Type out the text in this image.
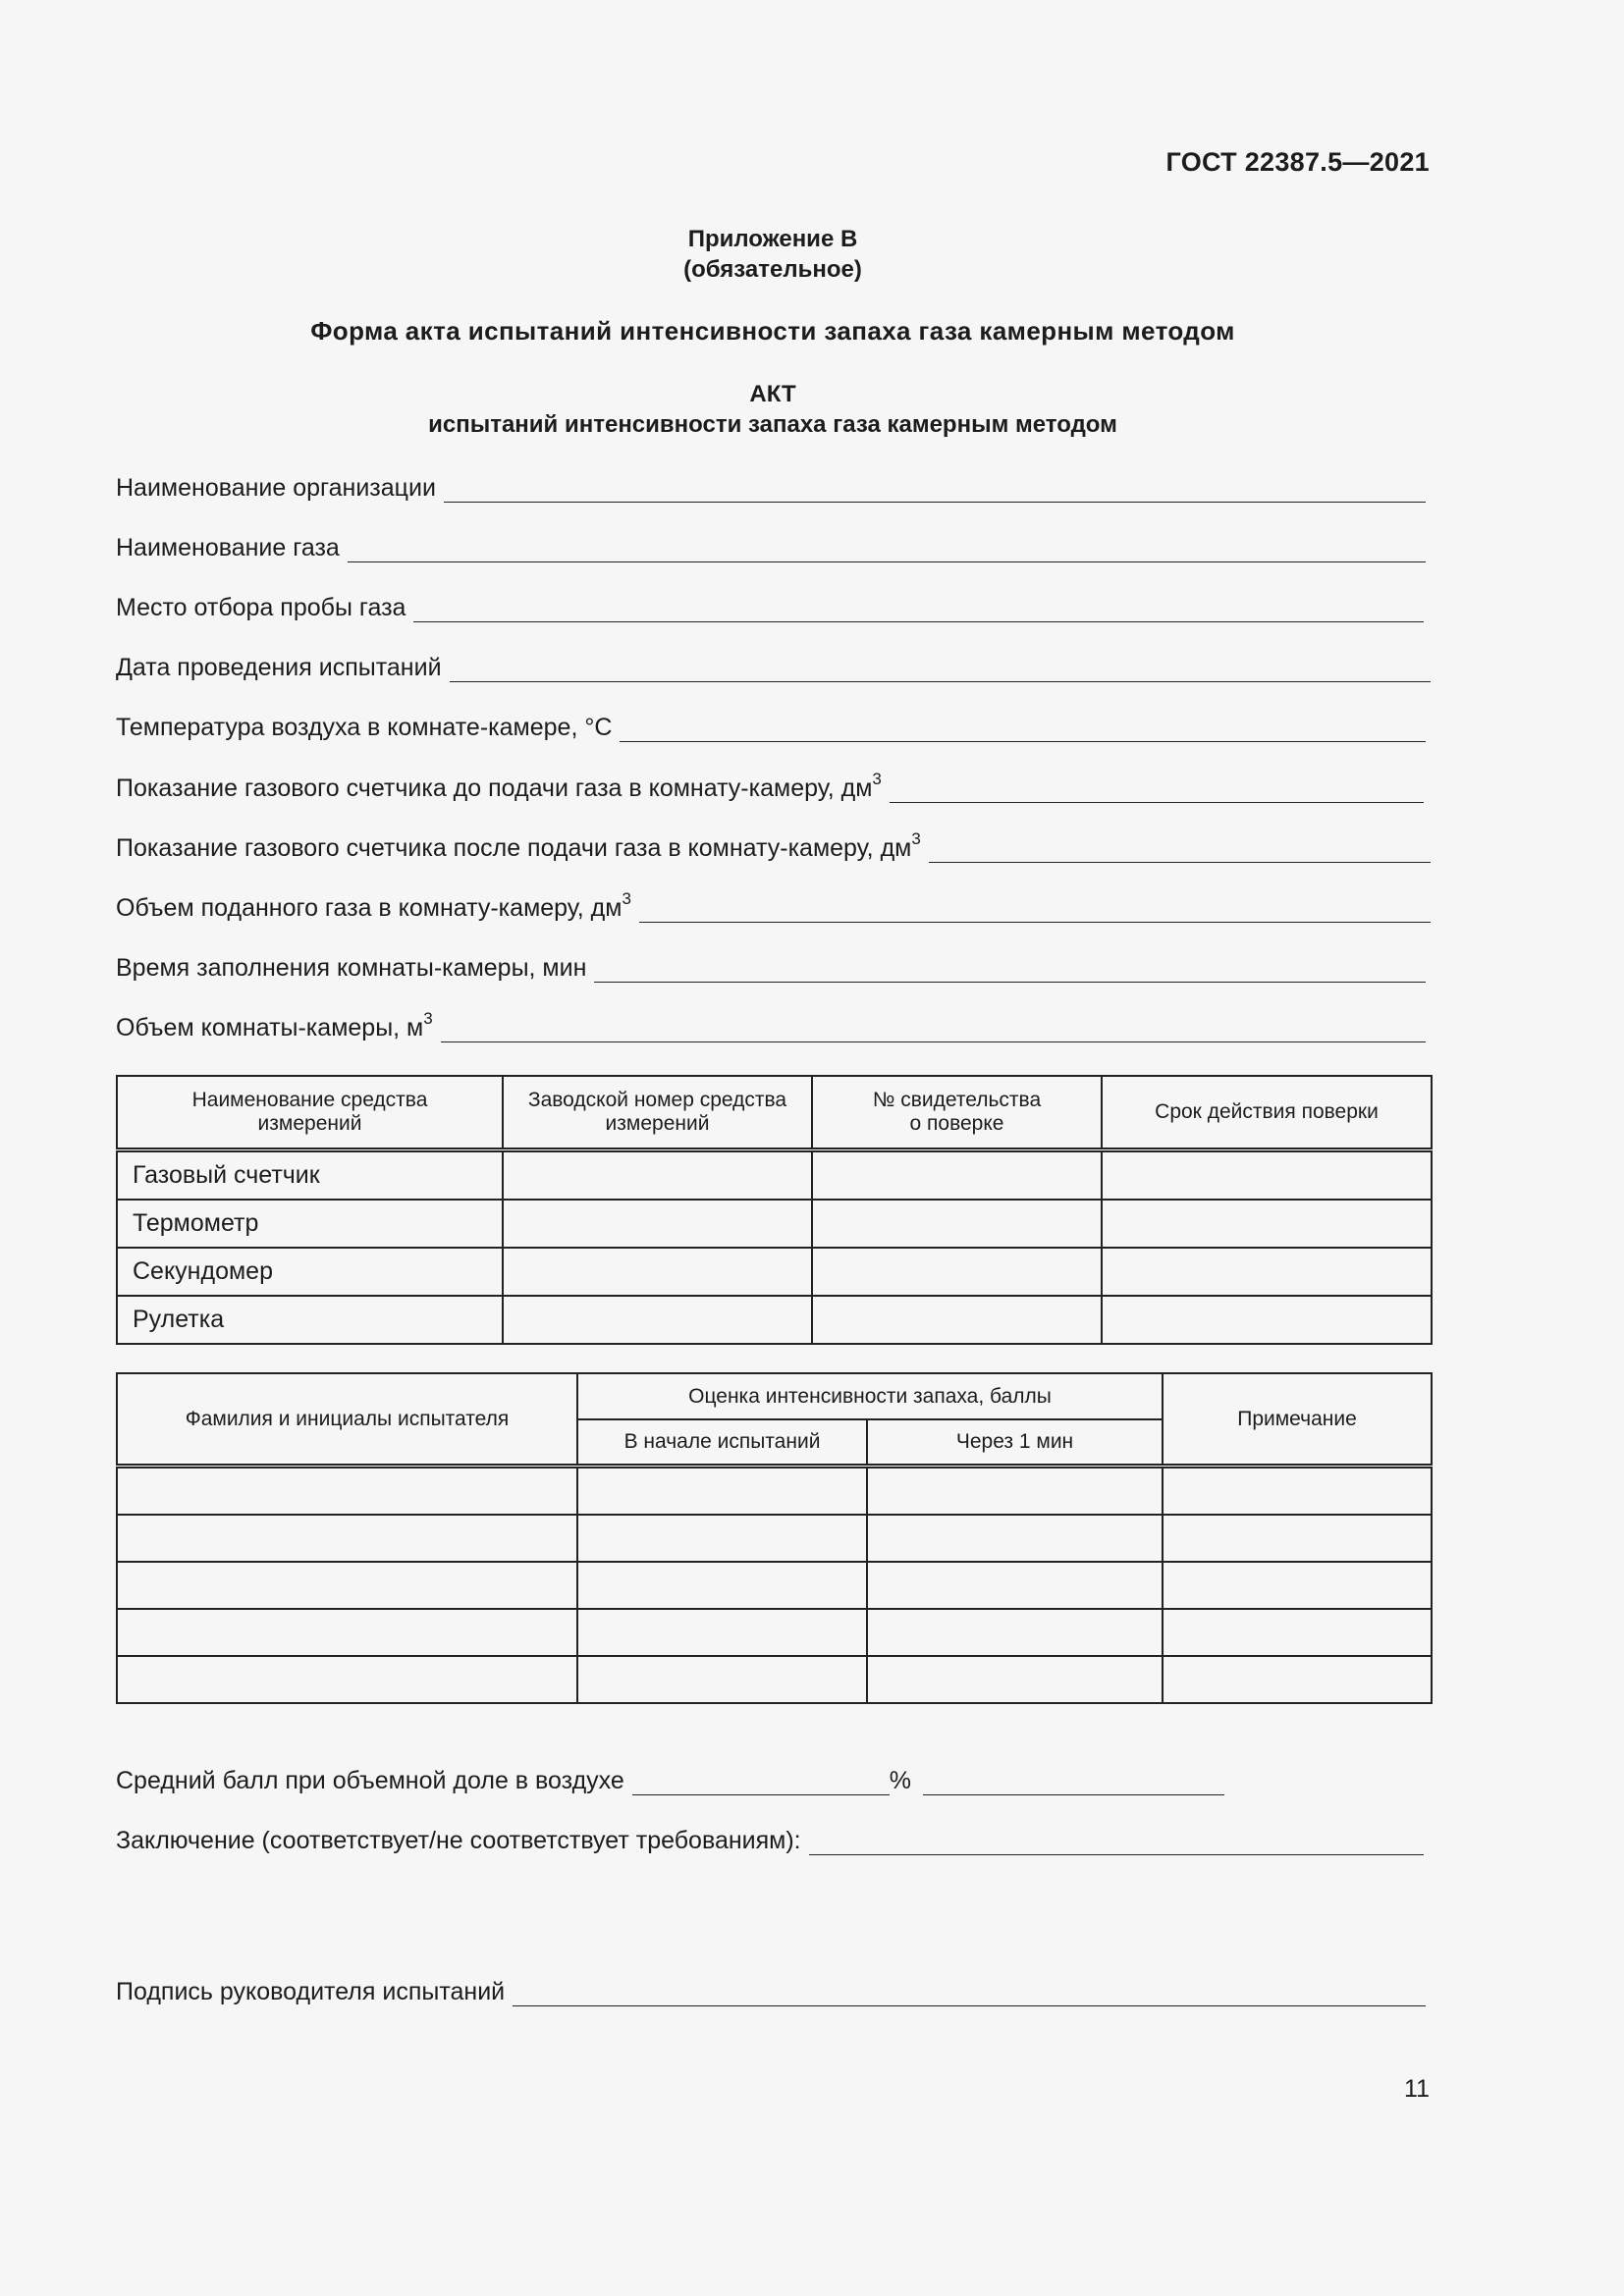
ГОСТ 22387.5—2021
Приложение В
(обязательное)
Форма акта испытаний интенсивности запаха газа камерным методом
АКТ
испытаний интенсивности запаха газа камерным методом
Наименование организации
Наименование газа
Место отбора пробы газа
Дата проведения испытаний
Температура воздуха в комнате-камере, °С
Показание газового счетчика до подачи газа в комнату-камеру, $дм^3$
Показание газового счетчика после подачи газа в комнату-камеру, $дм^3$
Объем поданного газа в комнату-камеру, $дм^3$
Время заполнения комнаты-камеры, мин
Объем комнаты-камеры, $м^3$
Наименование средства измерений	Заводской номер средства измерений	№ свидетельства о поверке	Срок действия поверки
Газовый счетчик			
Термометр			
Секундомер			
Рулетка			
Фамилия и инициалы испытателя	Оценка интенсивности запаха, баллы		Примечание
	В начале испытаний	Через 1 мин	

Средний балл при объемной доле в воздухе	%
Заключение (соответствует/не соответствует требованиям):
Подпись руководителя испытаний
11
